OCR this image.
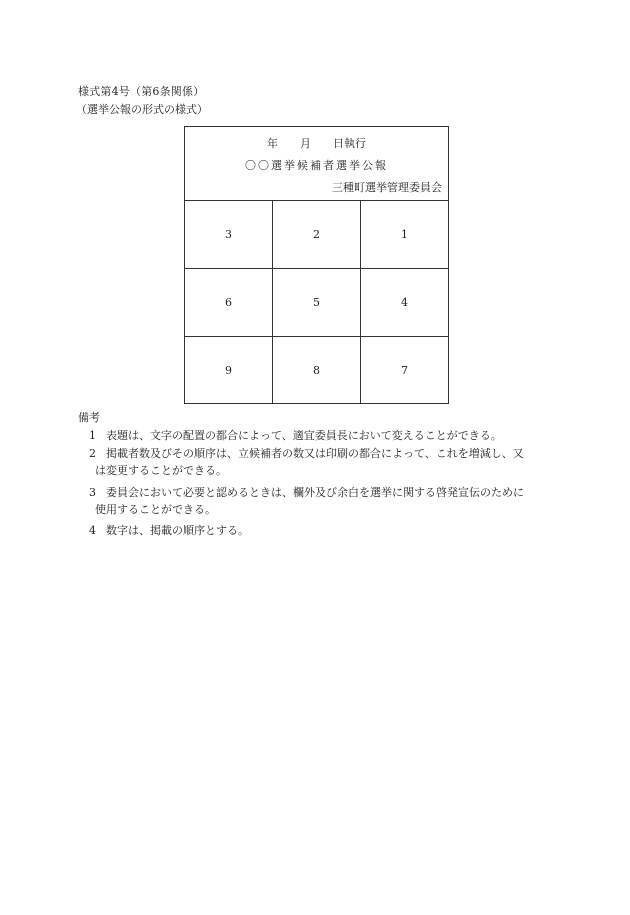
様式第4号（第6条関係）
（選挙公報の形式の様式）
年　　月　　日執行
〇〇選挙候補者選挙公報
三種町選挙管理委員会
3	2	1
6	5	4
9	8	7
備考
1 表題は、文字の配置の都合によって、適宜委員長において変えることができる。
2 掲載者数及びその順序は、立候補者の数又は印刷の都合によって、これを増減し、又
は変更することができる。
3 委員会において必要と認めるときは、欄外及び余白を選挙に関する啓発宣伝のために
使用することができる。
4 数字は、掲載の順序とする。
